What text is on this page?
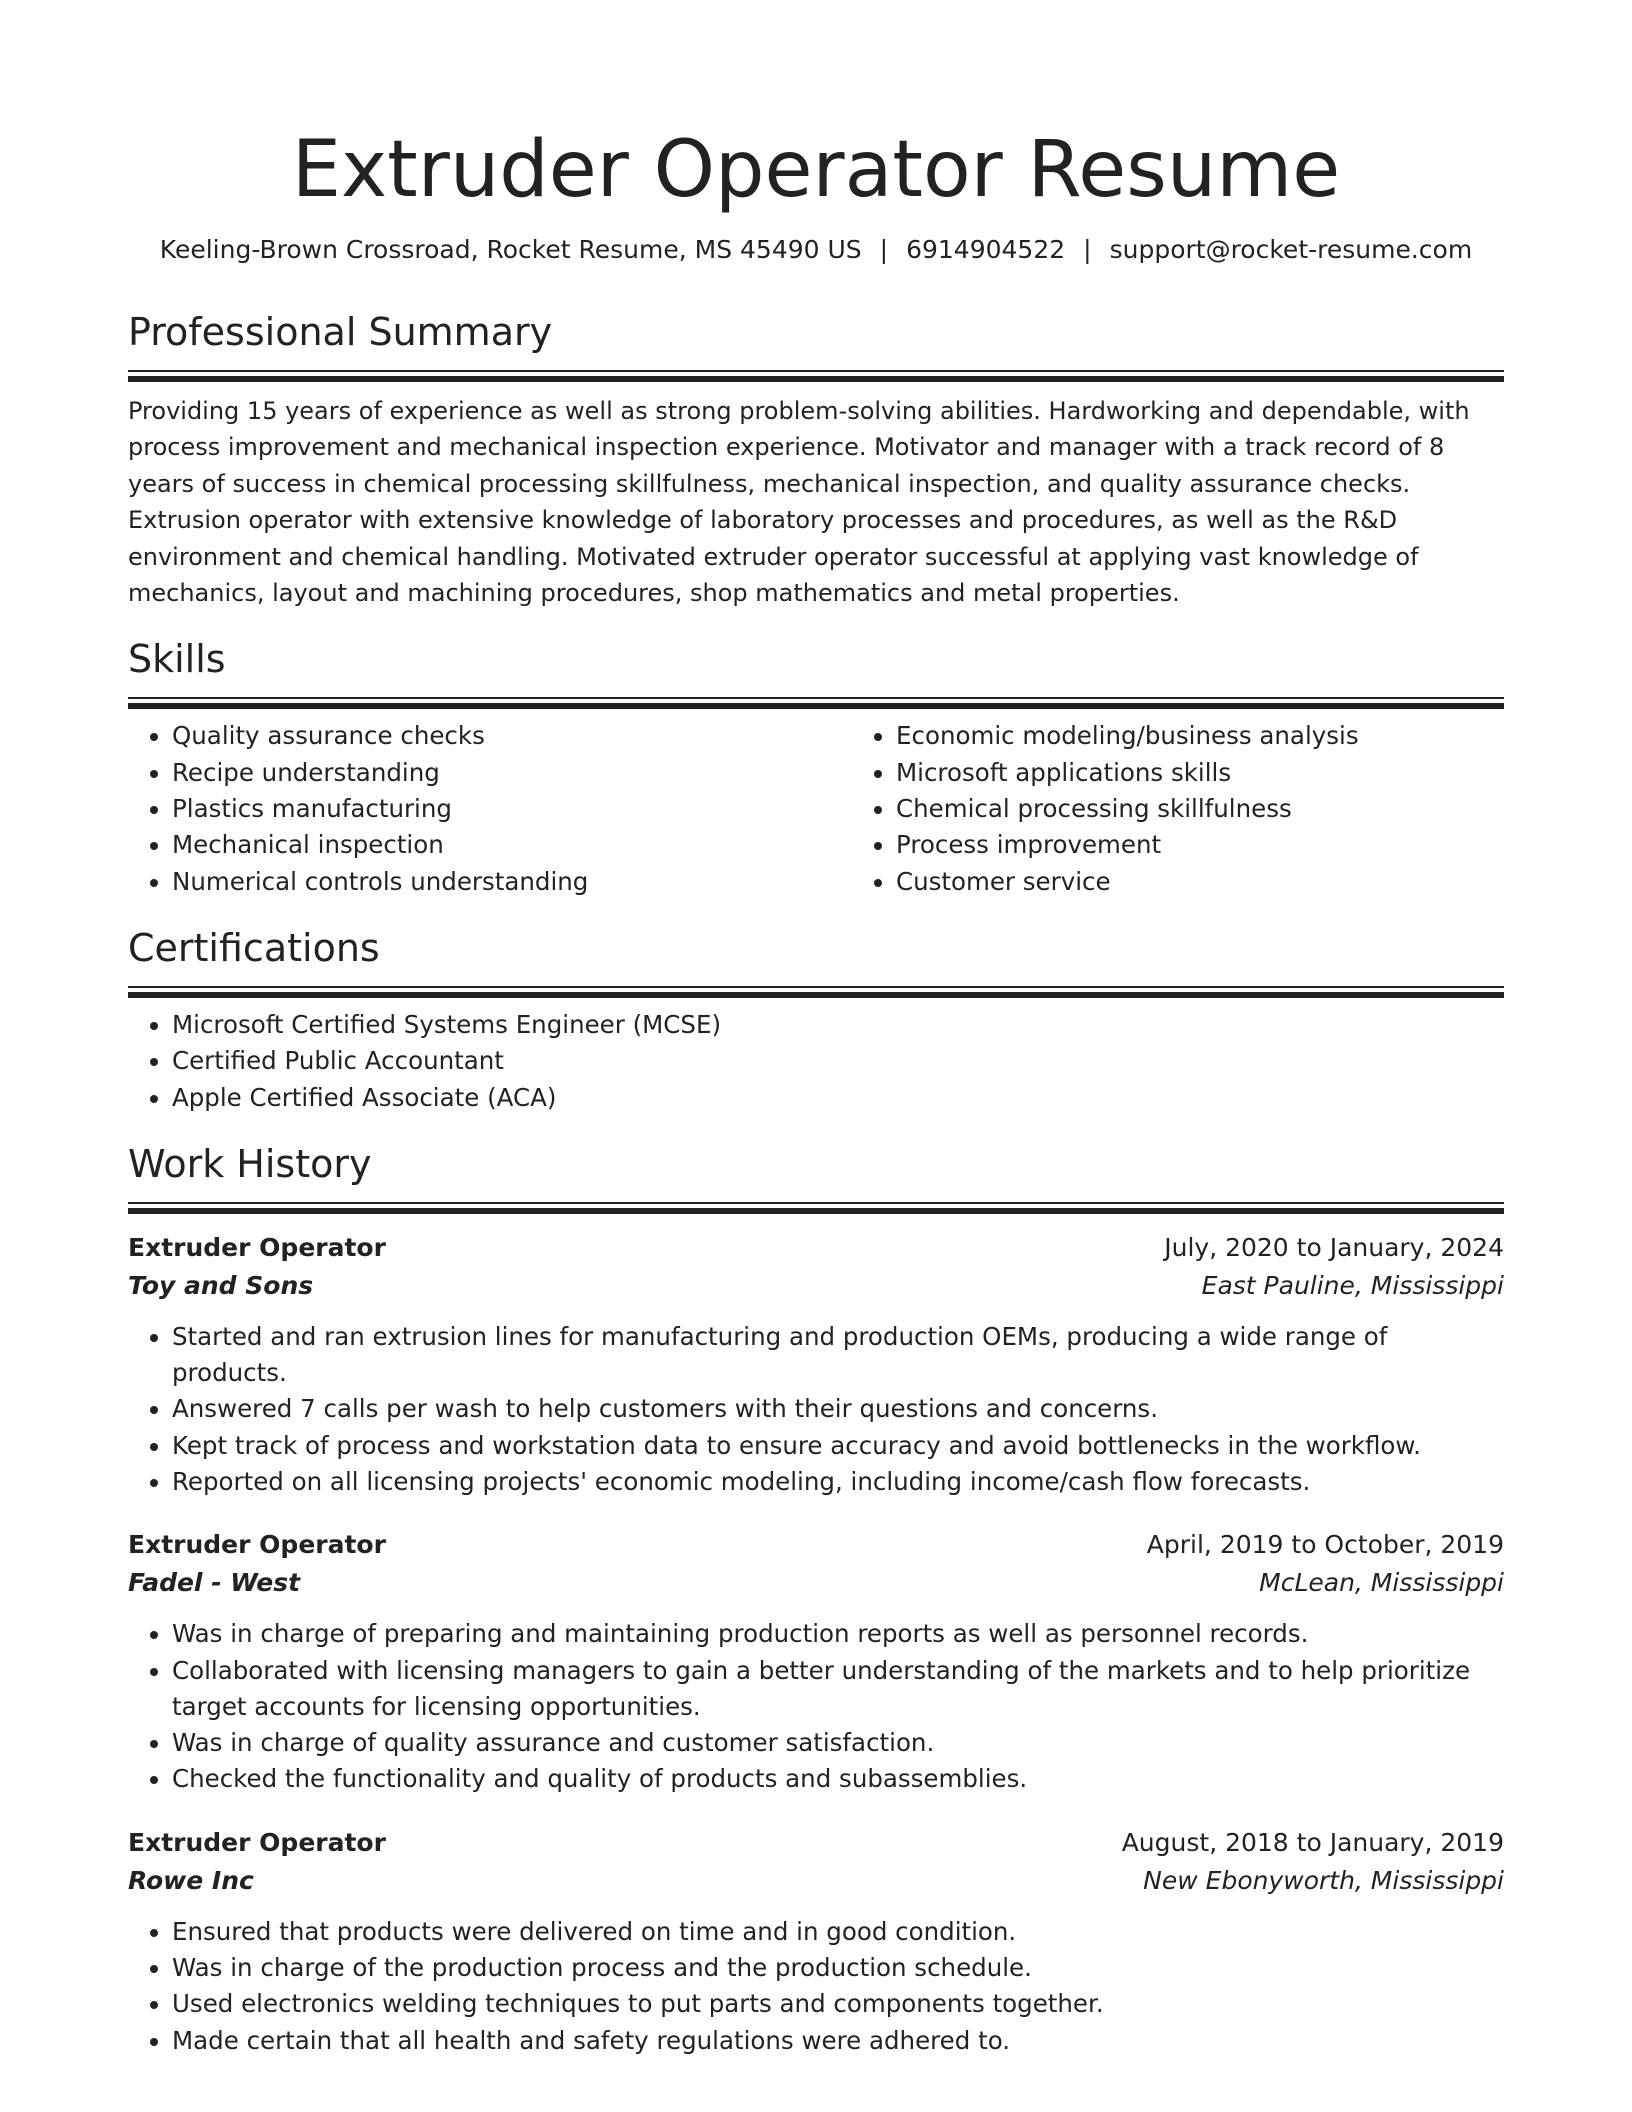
Extruder Operator Resume
Keeling-Brown Crossroad, Rocket Resume, MS 45490 US | 6914904522 | support@rocket-resume.com
Professional Summary

Providing 15 years of experience as well as strong problem-solving abilities. Hardworking and dependable, with process improvement and mechanical inspection experience. Motivator and manager with a track record of 8 years of success in chemical processing skillfulness, mechanical inspection, and quality assurance checks. Extrusion operator with extensive knowledge of laboratory processes and procedures, as well as the R&D environment and chemical handling. Motivated extruder operator successful at applying vast knowledge of mechanics, layout and machining procedures, shop mathematics and metal properties.

Skills
• Quality assurance checks
• Recipe understanding
• Plastics manufacturing
• Mechanical inspection
• Numerical controls understanding
• Economic modeling/business analysis
• Microsoft applications skills
• Chemical processing skillfulness
• Process improvement
• Customer service
Certifications
• Microsoft Certified Systems Engineer (MCSE)
• Certified Public Accountant
• Apple Certified Associate (ACA)
Work History
Extruder Operator	July, 2020 to January, 2024
Toy and Sons	East Pauline, Mississippi
• Started and ran extrusion lines for manufacturing and production OEMs, producing a wide range of products.
• Answered 7 calls per wash to help customers with their questions and concerns.
• Kept track of process and workstation data to ensure accuracy and avoid bottlenecks in the workflow.
• Reported on all licensing projects' economic modeling, including income/cash flow forecasts.
Extruder Operator	April, 2019 to October, 2019
Fadel - West	McLean, Mississippi
• Was in charge of preparing and maintaining production reports as well as personnel records.
• Collaborated with licensing managers to gain a better understanding of the markets and to help prioritize target accounts for licensing opportunities.
• Was in charge of quality assurance and customer satisfaction.
• Checked the functionality and quality of products and subassemblies.
Extruder Operator	August, 2018 to January, 2019
Rowe Inc	New Ebonyworth, Mississippi
• Ensured that products were delivered on time and in good condition.
• Was in charge of the production process and the production schedule.
• Used electronics welding techniques to put parts and components together.
• Made certain that all health and safety regulations were adhered to.
